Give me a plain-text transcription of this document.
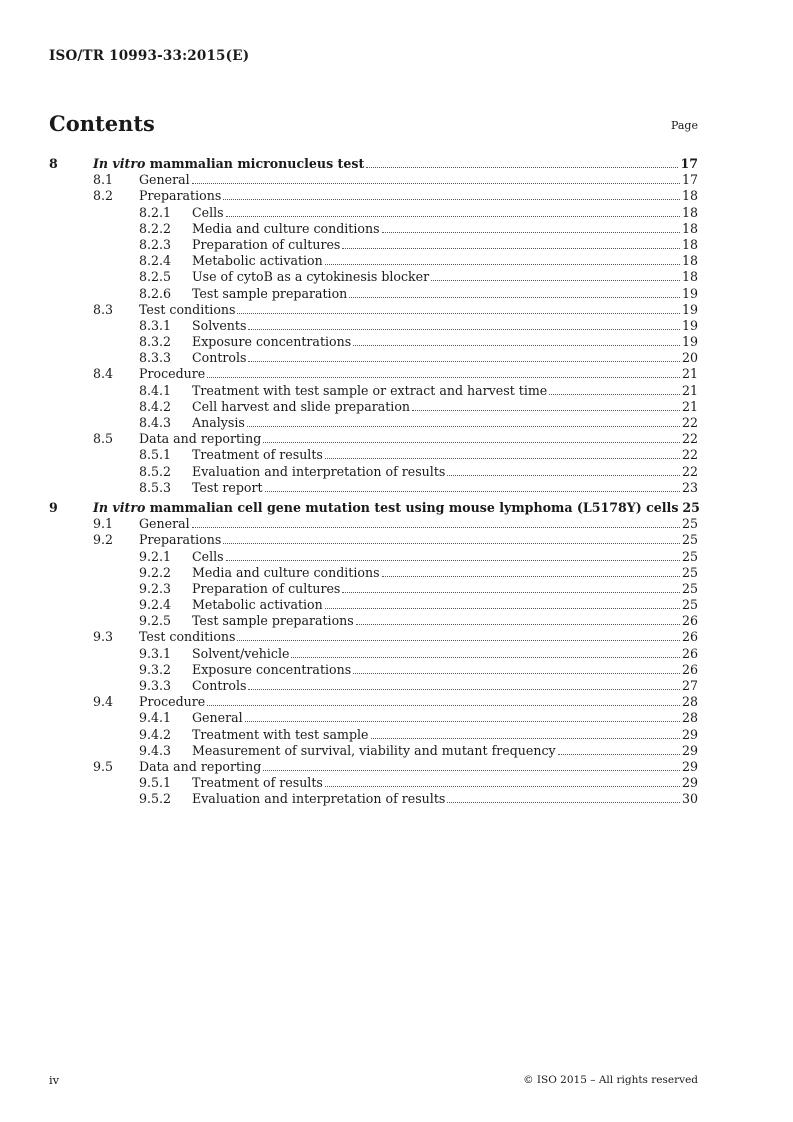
ISO/TR 10993-33:2015(E)
Contents	Page
8	In vitro mammalian micronucleus test	17
8.1 General	17
8.2 Preparations	18
8.2.1 Cells	18
8.2.2 Media and culture conditions	18
8.2.3 Preparation of cultures	18
8.2.4 Metabolic activation	18
8.2.5 Use of cytoB as a cytokinesis blocker	18
8.2.6 Test sample preparation	19
8.3 Test conditions	19
8.3.1 Solvents	19
8.3.2 Exposure concentrations	19
8.3.3 Controls	20
8.4 Procedure	21
8.4.1 Treatment with test sample or extract and harvest time	21
8.4.2 Cell harvest and slide preparation	21
8.4.3 Analysis	22
8.5 Data and reporting	22
8.5.1 Treatment of results	22
8.5.2 Evaluation and interpretation of results	22
8.5.3 Test report	23
9	In vitro mammalian cell gene mutation test using mouse lymphoma (L5178Y) cells 25
9.1 General	25
9.2 Preparations	25
9.2.1 Cells	25
9.2.2 Media and culture conditions	25
9.2.3 Preparation of cultures	25
9.2.4 Metabolic activation	25
9.2.5 Test sample preparations	26
9.3 Test conditions	26
9.3.1 Solvent/vehicle	26
9.3.2 Exposure concentrations	26
9.3.3 Controls	27
9.4 Procedure	28
9.4.1 General	28
9.4.2 Treatment with test sample	29
9.4.3 Measurement of survival, viability and mutant frequency	29
9.5 Data and reporting	29
9.5.1 Treatment of results	29
9.5.2 Evaluation and interpretation of results	30
iv	© ISO 2015 – All rights reserved
